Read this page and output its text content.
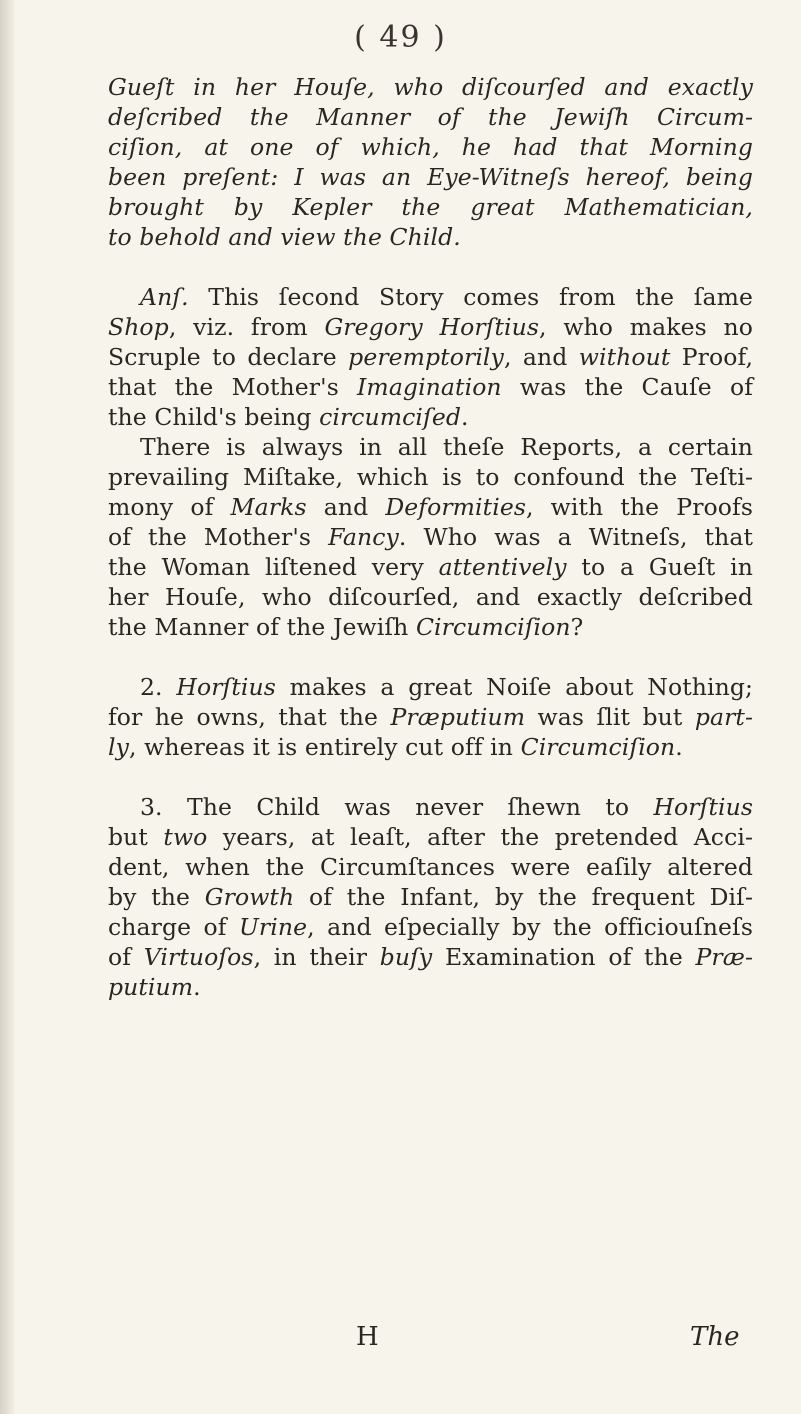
( 49 )
Gueſt in her Houſe, who diſcourſed and exactly
deſcribed the Manner of the Jewiſh Circum-
ciſion, at one of which, he had that Morning
been preſent: I was an Eye-Witneſs hereof, being
brought by Kepler the great Mathematician,
to behold and view the Child.
Anſ. This ſecond Story comes from the ſame
Shop, viz. from Gregory Horſtius, who makes no
Scruple to declare peremptorily, and without Proof,
that the Mother's Imagination was the Cauſe of
the Child's being circumciſed.
There is always in all theſe Reports, a certain
prevailing Miſtake, which is to confound the Teſti-
mony of Marks and Deformities, with the Proofs
of the Mother's Fancy. Who was a Witneſs, that
the Woman liſtened very attentively to a Gueſt in
her Houſe, who diſcourſed, and exactly deſcribed
the Manner of the Jewiſh Circumciſion?
2. Horſtius makes a great Noiſe about Nothing;
for he owns, that the Præputium was ſlit but part-
ly, whereas it is entirely cut off in Circumciſion.
3. The Child was never ſhewn to Horſtius
but two years, at leaſt, after the pretended Acci-
dent, when the Circumſtances were eaſily altered
by the Growth of the Infant, by the frequent Diſ-
charge of Urine, and eſpecially by the officiouſneſs
of Virtuoſos, in their buſy Examination of the Præ-
putium.
H	The
